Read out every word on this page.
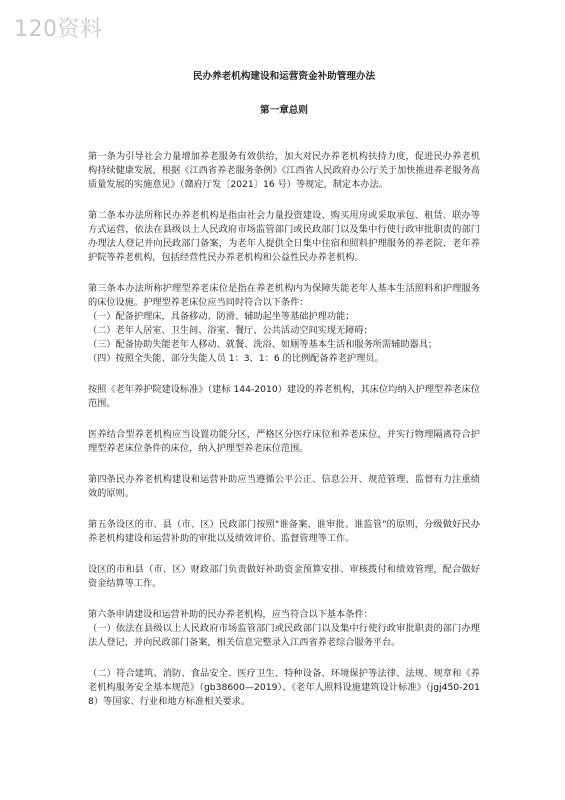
120资料
民办养老机构建设和运营资金补助管理办法
第一章总则

第一条为引导社会力量增加养老服务有效供给，加大对民办养老机构扶持力度，促进民办养老机构持续健康发展，根据《江西省养老服务条例》《江西省人民政府办公厅关于加快推进养老服务高质量发展的实施意见》（赣府厅发〔2021〕16 号）等规定，制定本办法。

第二条本办法所称民办养老机构是指由社会力量投资建设、购买用房或采取承包、租赁、联办等方式运营，依法在县级以上人民政府市场监管部门或民政部门以及集中行使行政审批职责的部门办理法人登记并向民政部门备案，为老年人提供全日集中住宿和照料护理服务的养老院、老年养护院等养老机构，包括经营性民办养老机构和公益性民办养老机构。

第三条本办法所称护理型养老床位是指在养老机构内为保障失能老年人基本生活照料和护理服务的床位设施。护理型养老床位应当同时符合以下条件：

（一）配备护理床，具备移动、防滑、辅助起坐等基础护理功能；
（二）老年人居室、卫生间、浴室、餐厅、公共活动空间实现无障碍；
（三）配备协助失能老年人移动、就餐、洗浴、如厕等基本生活和服务所需辅助器具；
（四）按照全失能、部分失能人员 1：3、1：6 的比例配备养老护理员。

按照《老年养护院建设标准》（建标 144-2010）建设的养老机构，其床位均纳入护理型养老床位范围。

医养结合型养老机构应当设置功能分区，严格区分医疗床位和养老床位，并实行物理隔离符合护理型养老床位条件的床位，纳入护理型养老床位范围。

第四条民办养老机构建设和运营补助应当遵循公平公正、信息公开、规范管理、监督有力注重绩效的原则。

第五条设区的市、县（市、区）民政部门按照"谁备案、谁审批、谁监管"的原则，分级做好民办养老机构建设和运营补助的审批以及绩效评价、监督管理等工作。

设区的市和县（市、区）财政部门负责做好补助资金预算安排、审核拨付和绩效管理，配合做好资金结算等工作。

第六条申请建设和运营补助的民办养老机构，应当符合以下基本条件：

（一）依法在县级以上人民政府市场监管部门或民政部门以及集中行使行政审批职责的部门办理法人登记，并向民政部门备案，相关信息完整录入江西省养老综合服务平台。

（二）符合建筑、消防、食品安全、医疗卫生、特种设备、环境保护等法律、法规、规章和《养老机构服务安全基本规范》（gb38600—2019）、《老年人照料设施建筑设计标准》（jgj450-2018）等国家、行业和地方标准相关要求。
